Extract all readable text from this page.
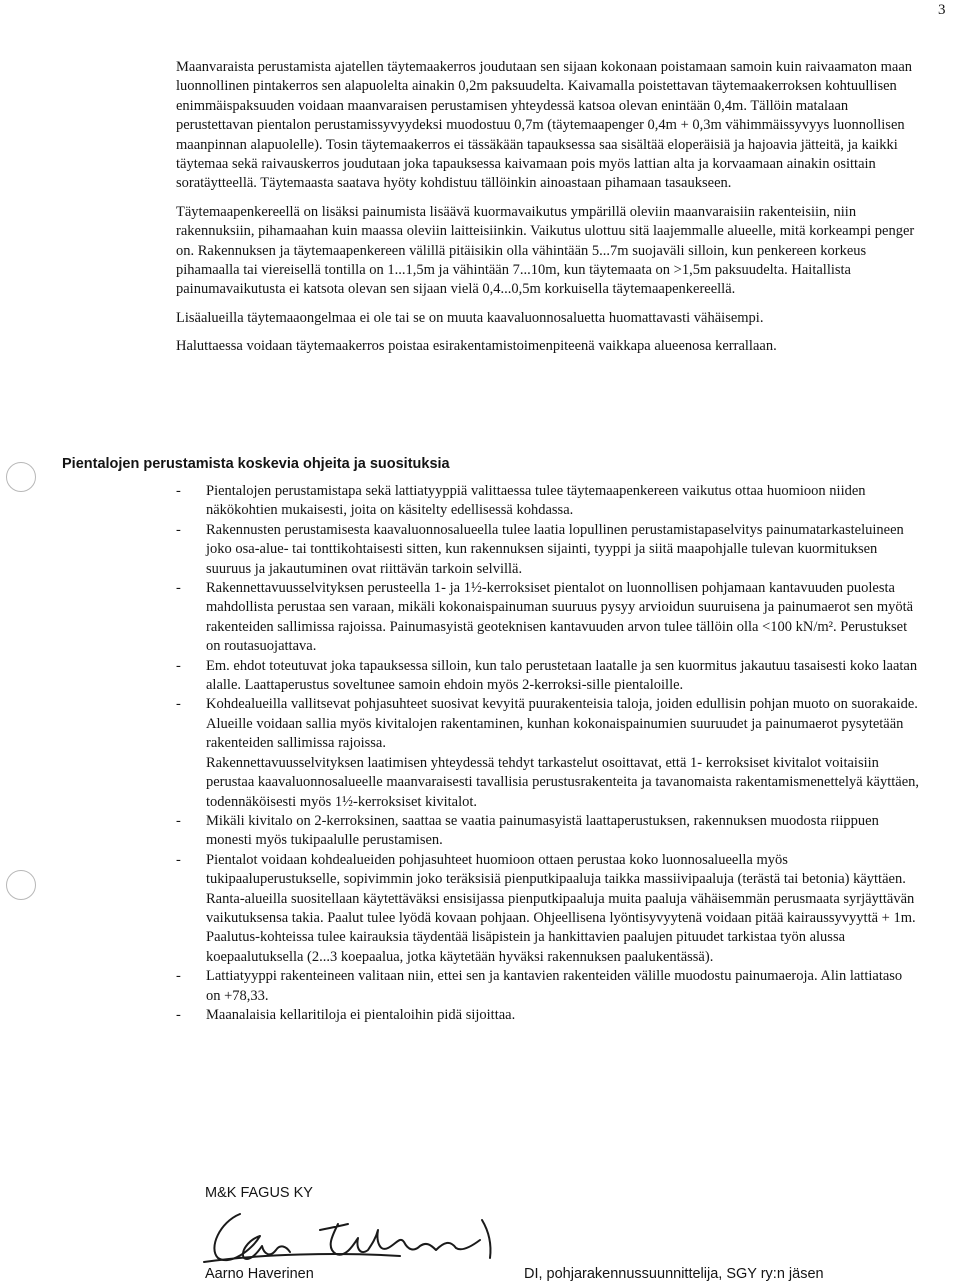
3

Maanvaraista perustamista ajatellen täytemaakerros joudutaan sen sijaan kokonaan poistamaan samoin kuin raivaamaton maan luonnollinen pintakerros sen alapuolelta ainakin 0,2m paksuudelta. Kaivamalla poistettavan täytemaakerroksen kohtuullisen enimmäispaksuuden voidaan maanvaraisen perustamisen yhteydessä katsoa olevan enintään 0,4m. Tällöin matalaan perustettavan pientalon perustamissyvyydeksi muodostuu 0,7m (täytemaapenger 0,4m + 0,3m vähimmäissyvyys luonnollisen maanpinnan alapuolelle). Tosin täytemaakerros ei tässäkään tapauksessa saa sisältää eloperäisiä ja hajoavia jätteitä, ja kaikki täytemaa sekä raivauskerros joudutaan joka tapauksessa kaivamaan pois myös lattian alta ja korvaamaan ainakin osittain soratäytteellä. Täytemaasta saatava hyöty kohdistuu tällöinkin ainoastaan pihamaan tasaukseen.

Täytemaapenkereellä on lisäksi painumista lisäävä kuormavaikutus ympärillä oleviin maanvaraisiin rakenteisiin, niin rakennuksiin, pihamaahan kuin maassa oleviin laitteisiinkin. Vaikutus ulottuu sitä laajemmalle alueelle, mitä korkeampi penger on. Rakennuksen ja täytemaapenkereen välillä pitäisikin olla vähintään 5...7m suojaväli silloin, kun penkereen korkeus pihamaalla tai viereisellä tontilla on 1...1,5m ja vähintään 7...10m, kun täytemaata on >1,5m paksuudelta. Haitallista painumavaikutusta ei katsota olevan sen sijaan vielä 0,4...0,5m korkuisella täytemaapenkereellä.

Lisäalueilla täytemaaongelmaa ei ole tai se on muuta kaavaluonnosaluetta huomattavasti vähäisempi.

Haluttaessa voidaan täytemaakerros poistaa esirakentamistoimenpiteenä vaikkapa alueenosa kerrallaan.

Pientalojen perustamista koskevia ohjeita ja suosituksia
- Pientalojen perustamistapa sekä lattiatyyppiä valittaessa tulee täytemaapenkereen vaikutus ottaa huomioon niiden näkökohtien mukaisesti, joita on käsitelty edellisessä kohdassa.

- Rakennusten perustamisesta kaavaluonnosalueella tulee laatia lopullinen perustamistapaselvitys painumatarkasteluineen joko osa-alue- tai tonttikohtaisesti sitten, kun rakennuksen sijainti, tyyppi ja siitä maapohjalle tulevan kuormituksen suuruus ja jakautuminen ovat riittävän tarkoin selvillä.

- Rakennettavuusselvityksen perusteella 1- ja 1½-kerroksiset pientalot on luonnollisen pohjamaan kantavuuden puolesta mahdollista perustaa sen varaan, mikäli kokonaispainuman suuruus pysyy arvioidun suuruisena ja painumaerot sen myötä rakenteiden sallimissa rajoissa. Painumasyistä geoteknisen kantavuuden arvon tulee tällöin olla <100 kN/m². Perustukset on routasuojattava.

- Em. ehdot toteutuvat joka tapauksessa silloin, kun talo perustetaan laatalle ja sen kuormitus jakautuu tasaisesti koko laatan alalle. Laattaperustus soveltunee samoin ehdoin myös 2-kerroksi-sille pientaloille.

- Kohdealueilla vallitsevat pohjasuhteet suosivat kevyitä puurakenteisia taloja, joiden edullisin pohjan muoto on suorakaide. Alueille voidaan sallia myös kivitalojen rakentaminen, kunhan kokonaispainumien suuruudet ja painumaerot pysytetään rakenteiden sallimissa rajoissa.

Rakennettavuusselvityksen laatimisen yhteydessä tehdyt tarkastelut osoittavat, että 1- kerroksiset kivitalot voitaisiin perustaa kaavaluonnosalueelle maanvaraisesti tavallisia perustusrakenteita ja tavanomaista rakentamismenettelyä käyttäen, todennäköisesti myös 1½-kerroksiset kivitalot.

- Mikäli kivitalo on 2-kerroksinen, saattaa se vaatia painumasyistä laattaperustuksen, rakennuksen muodosta riippuen monesti myös tukipaalulle perustamisen.

- Pientalot voidaan kohdealueiden pohjasuhteet huomioon ottaen perustaa koko luonnosalueella myös tukipaaluperustukselle, sopivimmin joko teräksisiä pienputkipaaluja taikka massiivipaaluja (terästä tai betonia) käyttäen. Ranta-alueilla suositellaan käytettäväksi ensisijassa pienputkipaaluja muita paaluja vähäisemmän perusmaata syrjäyttävän vaikutuksensa takia. Paalut tulee lyödä kovaan pohjaan. Ohjeellisena lyöntisyvyytenä voidaan pitää kairaussyvyyttä + 1m. Paalutus-kohteissa tulee kairauksia täydentää lisäpistein ja hankittavien paalujen pituudet tarkistaa työn alussa koepaalutuksella (2...3 koepaalua, jotka käytetään hyväksi rakennuksen paalukentässä).

- Lattiatyyppi rakenteineen valitaan niin, ettei sen ja kantavien rakenteiden välille muodostu painumaeroja. Alin lattiataso on +78,33.

- Maanalaisia kellaritiloja ei pientaloihin pidä sijoittaa.

M&K FAGUS KY
Aarno Haverinen	DI, pohjarakennussuunnittelija, SGY ry:n jäsen
